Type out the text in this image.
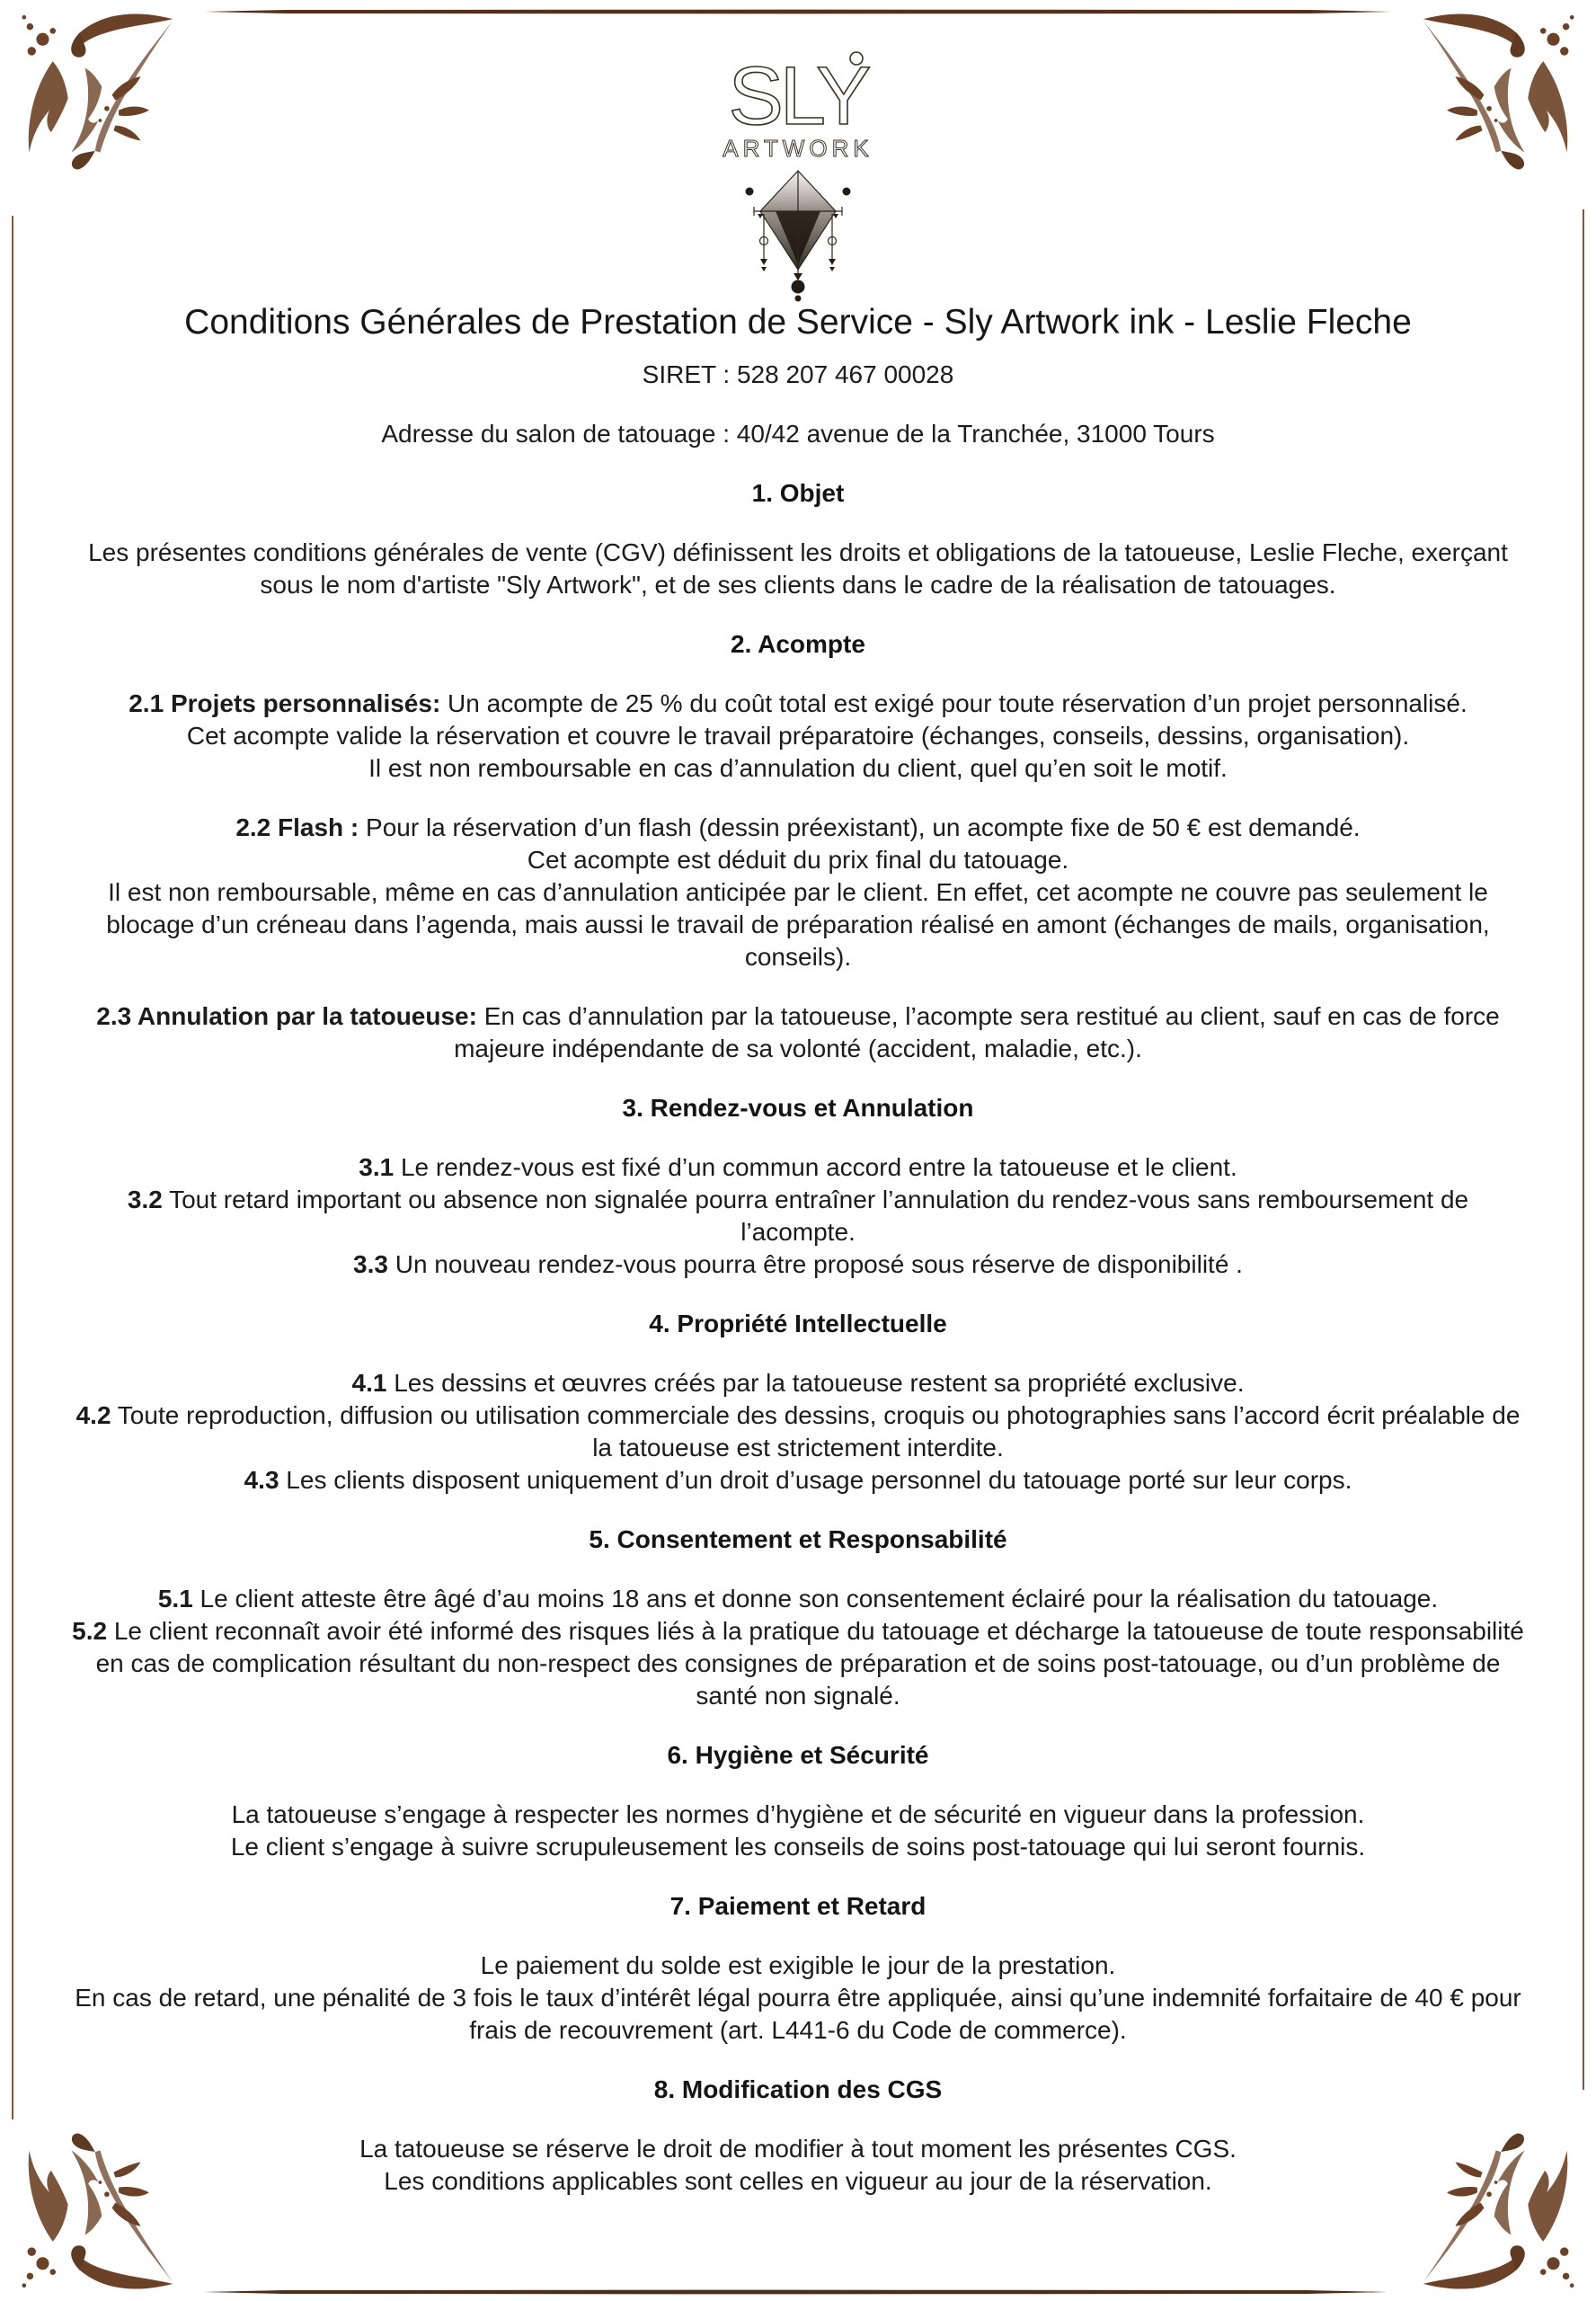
SLY
ARTWORK
Conditions Générales de Prestation de Service - Sly Artwork ink - Leslie Fleche
SIRET : 528 207 467 00028
Adresse du salon de tatouage : 40/42 avenue de la Tranchée, 31000 Tours
1. Objet
Les présentes conditions générales de vente (CGV) définissent les droits et obligations de la tatoueuse, Leslie Fleche, exerçant
sous le nom d'artiste "Sly Artwork", et de ses clients dans le cadre de la réalisation de tatouages.
2. Acompte
2.1 Projets personnalisés: Un acompte de 25 % du coût total est exigé pour toute réservation d’un projet personnalisé.
Cet acompte valide la réservation et couvre le travail préparatoire (échanges, conseils, dessins, organisation).
Il est non remboursable en cas d’annulation du client, quel qu’en soit le motif.
2.2 Flash : Pour la réservation d’un flash (dessin préexistant), un acompte fixe de 50 € est demandé.
Cet acompte est déduit du prix final du tatouage.
Il est non remboursable, même en cas d’annulation anticipée par le client. En effet, cet acompte ne couvre pas seulement le
blocage d’un créneau dans l’agenda, mais aussi le travail de préparation réalisé en amont (échanges de mails, organisation,
conseils).
2.3 Annulation par la tatoueuse: En cas d’annulation par la tatoueuse, l’acompte sera restitué au client, sauf en cas de force
majeure indépendante de sa volonté (accident, maladie, etc.).
3. Rendez-vous et Annulation
3.1 Le rendez-vous est fixé d’un commun accord entre la tatoueuse et le client.
3.2 Tout retard important ou absence non signalée pourra entraîner l’annulation du rendez-vous sans remboursement de
l’acompte.
3.3 Un nouveau rendez-vous pourra être proposé sous réserve de disponibilité .
4. Propriété Intellectuelle
4.1 Les dessins et œuvres créés par la tatoueuse restent sa propriété exclusive.
4.2 Toute reproduction, diffusion ou utilisation commerciale des dessins, croquis ou photographies sans l’accord écrit préalable de
la tatoueuse est strictement interdite.
4.3 Les clients disposent uniquement d’un droit d’usage personnel du tatouage porté sur leur corps.
5. Consentement et Responsabilité
5.1 Le client atteste être âgé d’au moins 18 ans et donne son consentement éclairé pour la réalisation du tatouage.
5.2 Le client reconnaît avoir été informé des risques liés à la pratique du tatouage et décharge la tatoueuse de toute responsabilité
en cas de complication résultant du non-respect des consignes de préparation et de soins post-tatouage, ou d’un problème de
santé non signalé.
6. Hygiène et Sécurité
La tatoueuse s’engage à respecter les normes d’hygiène et de sécurité en vigueur dans la profession.
Le client s’engage à suivre scrupuleusement les conseils de soins post-tatouage qui lui seront fournis.
7. Paiement et Retard
Le paiement du solde est exigible le jour de la prestation.
En cas de retard, une pénalité de 3 fois le taux d’intérêt légal pourra être appliquée, ainsi qu’une indemnité forfaitaire de 40 € pour
frais de recouvrement (art. L441-6 du Code de commerce).
8. Modification des CGS
La tatoueuse se réserve le droit de modifier à tout moment les présentes CGS.
Les conditions applicables sont celles en vigueur au jour de la réservation.
